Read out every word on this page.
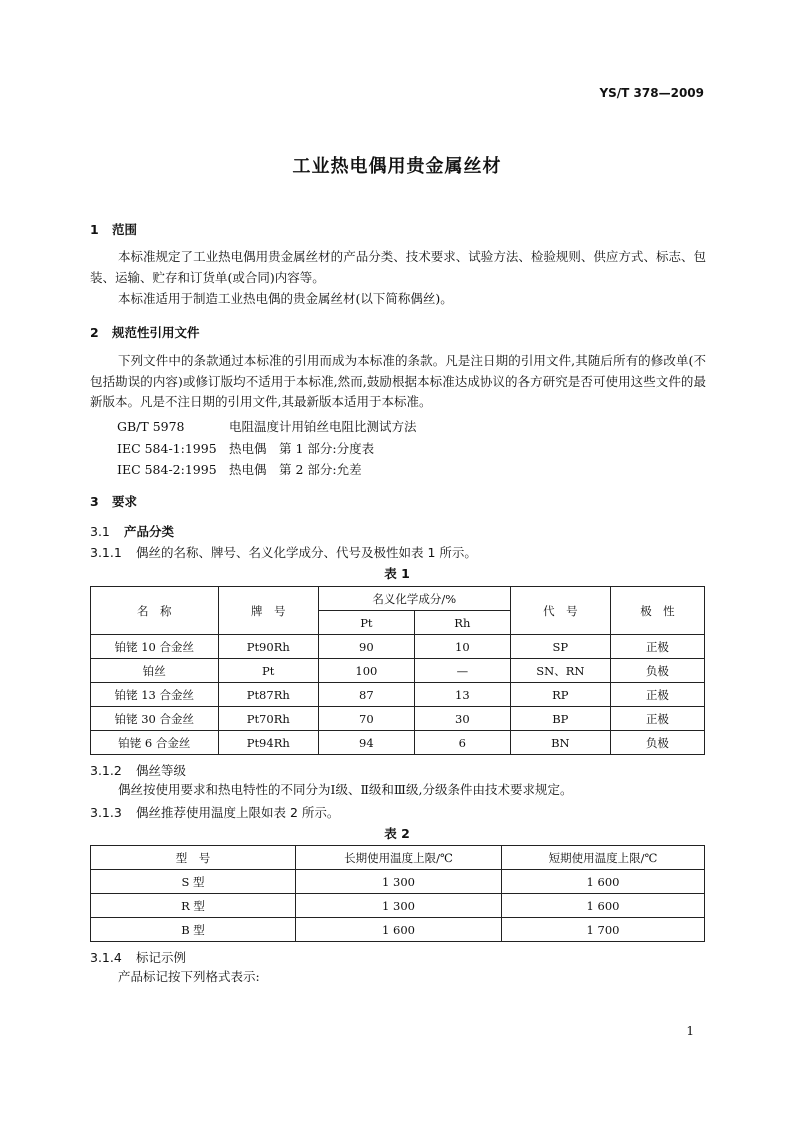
YS/T 378—2009
工业热电偶用贵金属丝材
1 范围
本标准规定了工业热电偶用贵金属丝材的产品分类、技术要求、试验方法、检验规则、供应方式、标志、包装、运输、贮存和订货单(或合同)内容等。
本标准适用于制造工业热电偶的贵金属丝材(以下简称偶丝)。
2 规范性引用文件
下列文件中的条款通过本标准的引用而成为本标准的条款。凡是注日期的引用文件,其随后所有的修改单(不包括勘误的内容)或修订版均不适用于本标准,然而,鼓励根据本标准达成协议的各方研究是否可使用这些文件的最新版本。凡是不注日期的引用文件,其最新版本适用于本标准。
GB/T 5978	电阻温度计用铂丝电阻比测试方法
IEC 584-1:1995 热电偶　第 1 部分:分度表
IEC 584-2:1995 热电偶　第 2 部分:允差
3 要求
3.1 产品分类
3.1.1 偶丝的名称、牌号、名义化学成分、代号及极性如表 1 所示。
表 1
名　称	牌　号	名义化学成分/%		代　号	极　性
		Pt	Rh		
铂铑 10 合金丝	Pt90Rh	90	10	SP	正极
铂丝	Pt	100	—	SN、RN	负极
铂铑 13 合金丝	Pt87Rh	87	13	RP	正极
铂铑 30 合金丝	Pt70Rh	70	30	BP	正极
铂铑 6 合金丝	Pt94Rh	94	6	BN	负极
3.1.2 偶丝等级
偶丝按使用要求和热电特性的不同分为Ⅰ级、Ⅱ级和Ⅲ级,分级条件由技术要求规定。
3.1.3 偶丝推荐使用温度上限如表 2 所示。
表 2
型　号	长期使用温度上限/℃	短期使用温度上限/℃
S 型	1 300	1 600
R 型	1 300	1 600
B 型	1 600	1 700
3.1.4 标记示例
产品标记按下列格式表示:
1
